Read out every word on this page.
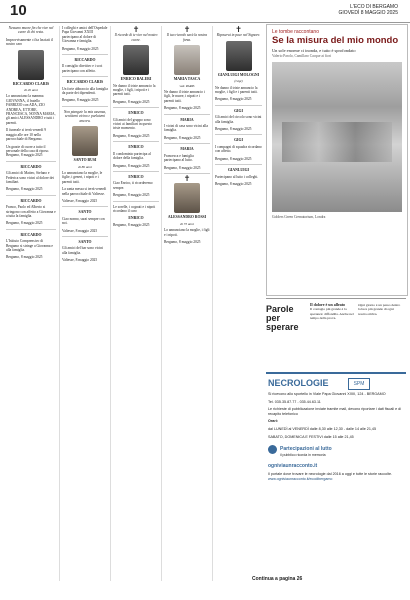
10	L'ECO DI BERGAMO
GIOVEDÌ 8 MAGGIO 2025

Nessuno muore fin che vive nel cuore di chi resta.

Improvvisamente ci ha lasciati il nostro caro

RICCARDO CLARIS
di 26 anni

Lo annunciano la mamma GIOVANNA, il fratello FABRIZIO con ADA, ZIO ANDREA, ETTORE, FRANCESCA, NONNA MARIA, gli amici ALESSANDRO e tutti i parenti.

Il funerale si terrà venerdì 9 maggio alle ore 10 nella parrocchiale di Bergamo.

Un grazie di cuore a tutto il personale della casa di riposo. Bergamo, 8 maggio 2025

RICCARDO

Gli amici di Matteo, Stefano e Federica sono vicini al dolore dei familiari.

Bergamo, 8 maggio 2025

RICCARDO

Franco, Paolo ed Alberto si stringono con affetto a Giovanna e a tutta la famiglia.

Bergamo, 8 maggio 2025

RICCARDO

L'Istituto Comprensivo di Bergamo si stringe a Giovanna e alla famiglia.

Bergamo, 8 maggio 2025

I colleghi e amici dell'Ospedale Papa Giovanni XXIII partecipano al dolore di Giovanna e famiglia.

Bergamo, 8 maggio 2025

RICCARDO

Il consiglio direttivo e i soci partecipano con affetto.

RICCARDO CLARIS

Un forte abbraccio alla famiglia da parte dei dipendenti.

Bergamo, 8 maggio 2025

Non piangete la mia assenza, sentitemi vicino e parlatemi ancora.

SANTO BUSI
di 86 anni

Lo annunciano la moglie, le figlie, i generi, i nipoti e i parenti tutti.

La santa messa si terrà venerdì nella parrocchiale di Valtesse.

Valtesse, 8 maggio 2025

SANTO

Ciao nonno, sarai sempre con noi.

Valtesse, 8 maggio 2025

SANTO

Gli amici del bar sono vicini alla famiglia.

Valtesse, 8 maggio 2025

✝

Il ricordo di te vive nel nostro cuore.

ENRICO BALERI

Ne danno il triste annuncio la moglie, i figli, i nipoti e i parenti tutti.

Bergamo, 8 maggio 2025

ENRICO

Gli amici del gruppo sono vicini ai familiari in questo triste momento.

Bergamo, 8 maggio 2025

ENRICO

Il condominio partecipa al dolore della famiglia.

Bergamo, 8 maggio 2025

ENRICO

Ciao Enrico, ti ricorderemo sempre.

Bergamo, 8 maggio 2025

Le sorelle, i cognati e i nipoti ricordano il caro

ENRICO

Bergamo, 8 maggio 2025

✝

Il tuo ricordo sarà la nostra forza.

MARIA TASCA
ved. PARIS

Ne danno il triste annuncio i figli, le nuore, i nipoti e i parenti tutti.

Bergamo, 8 maggio 2025

MARIA

I vicini di casa sono vicini alla famiglia.

Bergamo, 8 maggio 2025

MARIA

Francesca e famiglia partecipano al lutto.

Bergamo, 8 maggio 2025

✝
ALESSANDRO ROSSI
di 73 anni

Lo annunciano la moglie, i figli e i nipoti.

Bergamo, 8 maggio 2025

✝

Riposerai in pace nel Signore.

GIANLUIGI MOLOGNI
(Gigi)

Ne danno il triste annuncio la moglie, i figli e i parenti tutti.

Bergamo, 8 maggio 2025

GIGI

Gli amici del circolo sono vicini alla famiglia.

Bergamo, 8 maggio 2025

GIGI

I compagni di squadra ricordano con affetto.

Bergamo, 8 maggio 2025

GIANLUIGI

Partecipano al lutto i colleghi.

Bergamo, 8 maggio 2025

Continua a pagina 26
Le tombe raccontano
Se la misura del mio mondo
Un sole enorme ci inonda, e tutto è sprofondato
Valerio Parolo, Camillaro Cacque ai fiori
Golders Green Crematorium, Londra
Parole per sperare
Il dolore è un alleato
Il contagio più grande è la speranza: diffondila. Anche nel tempo della prova.
Ogni giorno è un passo dentro la luce più grande di ogni nostra ombra.
NECROLOGIE	SPM

Si ricevono allo sportello in Viale Papa Giovanni XXIII, 124 - BERGAMO

Tel. 035.35.87.77 - 035.44.63.11

Le richieste di pubblicazione inviate tramite mail, devono riportare i dati fiscali e di recapito telefonico

Orari:

dal LUNEDÌ al VENERDÌ dalle 8,30 alle 12,30 - dalle 14 alle 21,45

SABATO, DOMENICA E FESTIVI dalle 15 alle 21,45

Partecipazioni al lutto
il pubblico ricorda in memoria
ogniviaunracconto.it
Il portale dove trovare le necrologie dal 2016 a oggi e tutte le storie raccolte.
www.ogniviaunracconto.it/ecodibergamo
